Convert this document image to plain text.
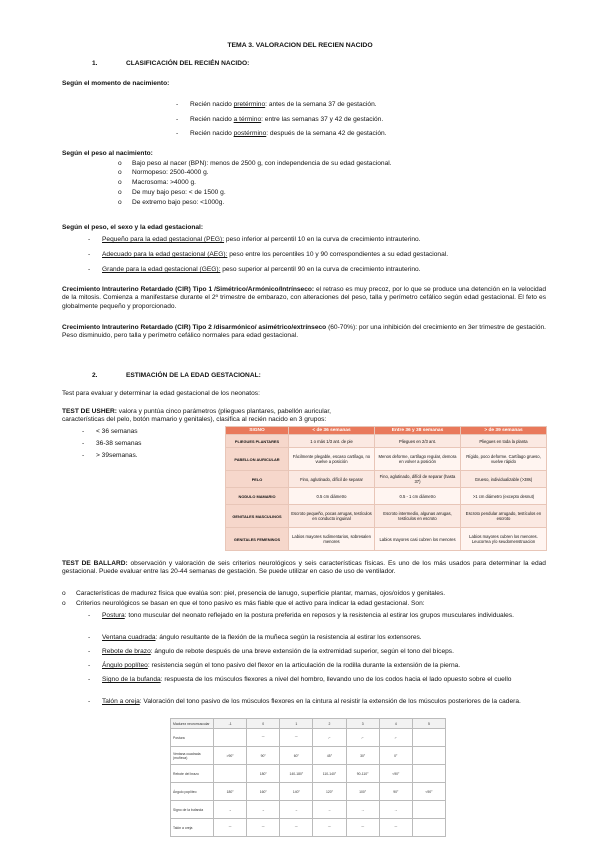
TEMA 3. VALORACION DEL RECIEN NACIDO
1.	CLASIFICACIÓN DEL RECIÉN NACIDO:
Según el momento de nacimiento:
- Recién nacido pretérmino: antes de la semana 37 de gestación.
- Recién nacido a término: entre las semanas 37 y 42 de gestación.
- Recién nacido postérmino: después de la semana 42 de gestación.
Según el peso al nacimiento:
o Bajo peso al nacer (BPN): menos de 2500 g, con independencia de su edad gestacional.
o Normopeso: 2500-4000 g.
o Macrosoma: >4000 g.
o De muy bajo peso: < de 1500 g.
o De extremo bajo peso: <1000g.
Según el peso, el sexo y la edad gestacional:
- Pequeño para la edad gestacional (PEG): peso inferior al percentil 10 en la curva de crecimiento intrauterino.
- Adecuado para la edad gestacional (AEG): peso entre los percentiles 10 y 90 correspondientes a su edad gestacional.
- Grande para la edad gestacional (GEG): peso superior al percentil 90 en la curva de crecimiento intrauterino.
Crecimiento Intrauterino Retardado (CIR) Tipo 1 /Simétrico/Armónico/Intrínseco: el retraso es muy precoz, por lo que se produce una detención en la velocidad de la mitosis. Comienza a manifestarse durante el 2º trimestre de embarazo, con alteraciones del peso, talla y perímetro cefálico según edad gestacional. El feto es globalmente pequeño y proporcionado.
Crecimiento Intrauterino Retardado (CIR) Tipo 2 /disarmónico/ asimétrico/extrínseco (60-70%): por una inhibición del crecimiento en 3er trimestre de gestación. Peso disminuido, pero talla y perímetro cefálico normales para edad gestacional.
2.	ESTIMACIÓN DE LA EDAD GESTACIONAL:
Test para evaluar y determinar la edad gestacional de los neonatos:
TEST DE USHER: valora y puntúa cinco parámetros (pliegues plantares, pabellón auricular, características del pelo, botón mamario y genitales), clasifica al recién nacido en 3 grupos:
- < 36 semanas
- 36-38 semanas
- > 39semanas.
SIGNO	< de 36 semanas	Entre 36 y 38 semanas	> de 39 semanas
PLIEGUES PLANTARES	1 o más 1/3 ant. de pie	Pliegues en 2/3 ant.	Pliegues en toda la planta
PABELLON AURICULAR	Fácilmente plegable, escaso cartílago, no vuelve a posición	Menos deforme, cartílago regular, demora en volver a posición	Rígido, poco deforme. Cartílago grueso, vuelve rápido
PELO	Fino, aglutinado, difícil de separar	Fino, aglutinado, difícil de separar (hasta 37)	Grueso, individualizable (>38s)
NODULO MAMARIO	0.5 cm diámetro	0.5 - 1 cm diámetro	>1 cm diámetro (excepto desnut)
GENITALES MASCULINOS	Escroto pequeño, pocas arrugas, testículos en conducto inguinal	Escroto intermedio, algunas arrugas, testículos en escroto	Escroto pendular arrugado, testículos en escroto
GENITALES FEMENINOS	Labios mayores rudimentarios, sobresalen menores	Labios mayores casi cubren los menores	Labios mayores cubren los menores. Leucorrea y/o seudomenstruacion
TEST DE BALLARD: observación y valoración de seis criterios neurológicos y seis características físicas. Es uno de los más usados para determinar la edad gestacional. Puede evaluar entre las 20-44 semanas de gestación. Se puede utilizar en caso de uso de ventilador.
o Características de madurez física que evalúa son: piel, presencia de lanugo, superficie plantar, mamas, ojos/oídos y genitales.
o Criterios neurológicos se basan en que el tono pasivo es más fiable que el activo para indicar la edad gestacional. Son:
- Postura: tono muscular del neonato reflejado en la postura preferida en reposos y la resistencia al estirar los grupos musculares individuales.
- Ventana cuadrada: ángulo resultante de la flexión de la muñeca según la resistencia al estirar los extensores.
- Rebote de brazo: ángulo de rebote después de una breve extensión de la extremidad superior, según el tono del bíceps.
- Ángulo poplíteo: resistencia según el tono pasivo del flexor en la articulación de la rodilla durante la extensión de la pierna.
- Signo de la bufanda: respuesta de los músculos flexores a nivel del hombro, llevando uno de los codos hacia el lado opuesto sobre el cuello
- Talón a oreja: Valoración del tono pasivo de los músculos flexores en la cintura al resistir la extensión de los músculos posteriores de la cadera.
Madurez neuromuscular	-1	0	1	2	3	4	5
Postura		⌒	⌒	⌐	⌐	⌐	
Ventana cuadrada (muñeca)	>90°	90°	60°	45°	30°	0°	
Rebote del brazo		180°	140-180°	110-140°	90-110°	<90°	
Ángulo poplíteo	180°	160°	140°	120°	100°	90°	<90°
Signo de la bufanda	→	→	→	→	→	→	
Talón a oreja	⌒	⌒	⌒	⌒	⌒	⌒	
